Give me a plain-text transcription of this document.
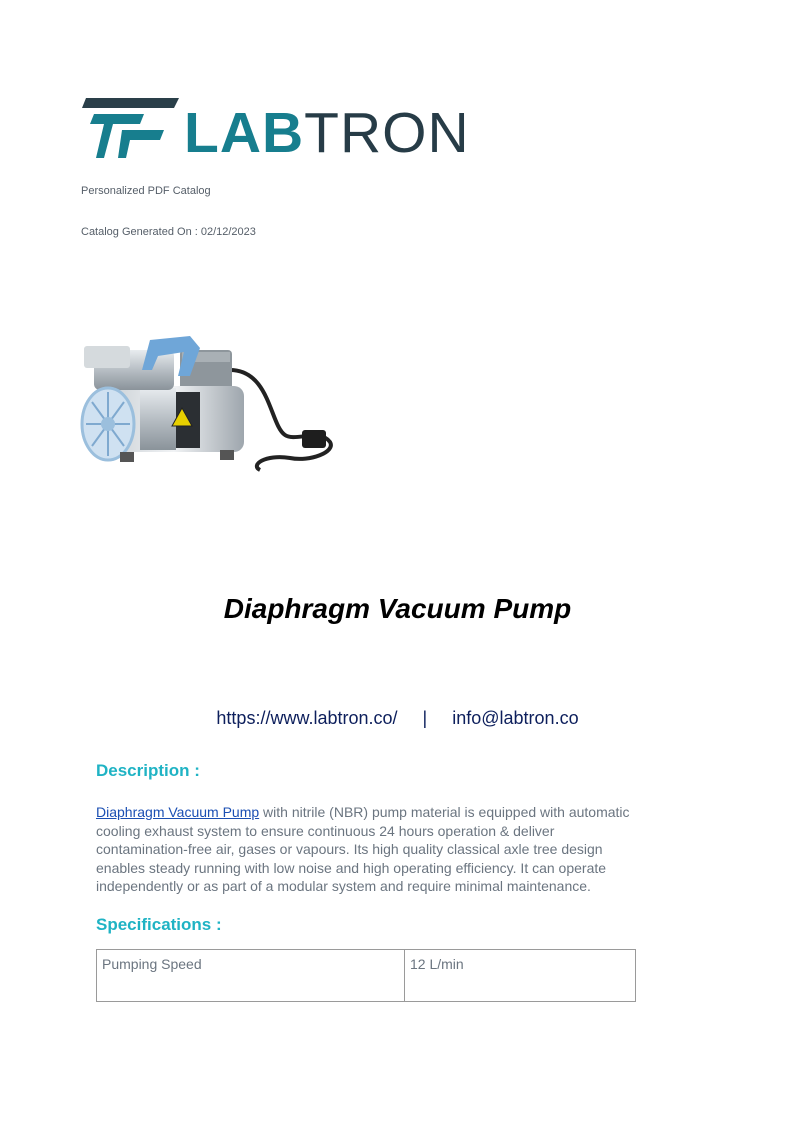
LABTRON
Personalized PDF Catalog
Catalog Generated On : 02/12/2023
Diaphragm Vacuum Pump
https://www.labtron.co/ | info@labtron.co
Description :
Diaphragm Vacuum Pump with nitrile (NBR) pump material is equipped with automatic cooling exhaust system to ensure continuous 24 hours operation & deliver contamination-free air, gases or vapours. Its high quality classical axle tree design enables steady running with low noise and high operating efficiency. It can operate independently or as part of a modular system and require minimal maintenance.
Specifications :
Pumping Speed	12 L/min
